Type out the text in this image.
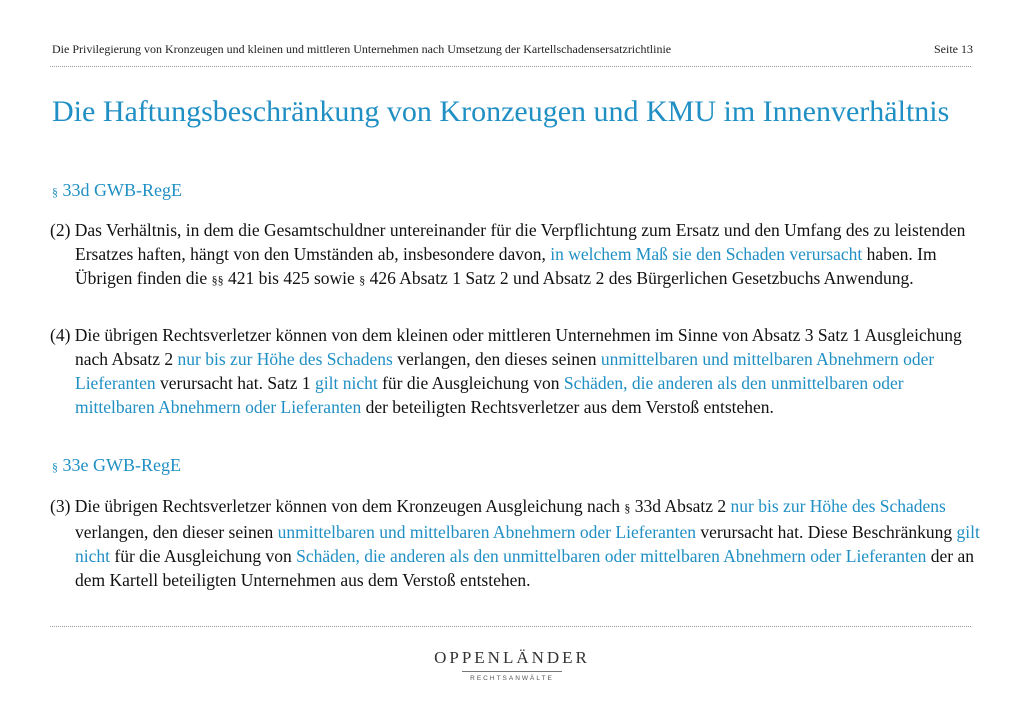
Die Privilegierung von Kronzeugen und kleinen und mittleren Unternehmen nach Umsetzung der Kartellschadensersatzrichtlinie	Seite 13
Die Haftungsbeschränkung von Kronzeugen und KMU im Innenverhältnis
§ 33d GWB-RegE

(2) Das Verhältnis, in dem die Gesamtschuldner untereinander für die Verpflichtung zum Ersatz und den Umfang des zu leistenden Ersatzes haften, hängt von den Umständen ab, insbesondere davon, in welchem Maß sie den Schaden verursacht haben. Im Übrigen finden die §§ 421 bis 425 sowie § 426 Absatz 1 Satz 2 und Absatz 2 des Bürgerlichen Gesetzbuchs Anwendung.

(4) Die übrigen Rechtsverletzer können von dem kleinen oder mittleren Unternehmen im Sinne von Absatz 3 Satz 1 Ausgleichung nach Absatz 2 nur bis zur Höhe des Schadens verlangen, den dieses seinen unmittelbaren und mittelbaren Abnehmern oder Lieferanten verursacht hat. Satz 1 gilt nicht für die Ausgleichung von Schäden, die anderen als den unmittelbaren oder mittelbaren Abnehmern oder Lieferanten der beteiligten Rechtsverletzer aus dem Verstoß entstehen.

§ 33e GWB-RegE

(3) Die übrigen Rechtsverletzer können von dem Kronzeugen Ausgleichung nach § 33d Absatz 2 nur bis zur Höhe des Schadens verlangen, den dieser seinen unmittelbaren und mittelbaren Abnehmern oder Lieferanten verursacht hat. Diese Beschränkung gilt nicht für die Ausgleichung von Schäden, die anderen als den unmittelbaren oder mittelbaren Abnehmern oder Lieferanten der an dem Kartell beteiligten Unternehmen aus dem Verstoß entstehen.

OPPENLÄNDER
RECHTSANWÄLTE
